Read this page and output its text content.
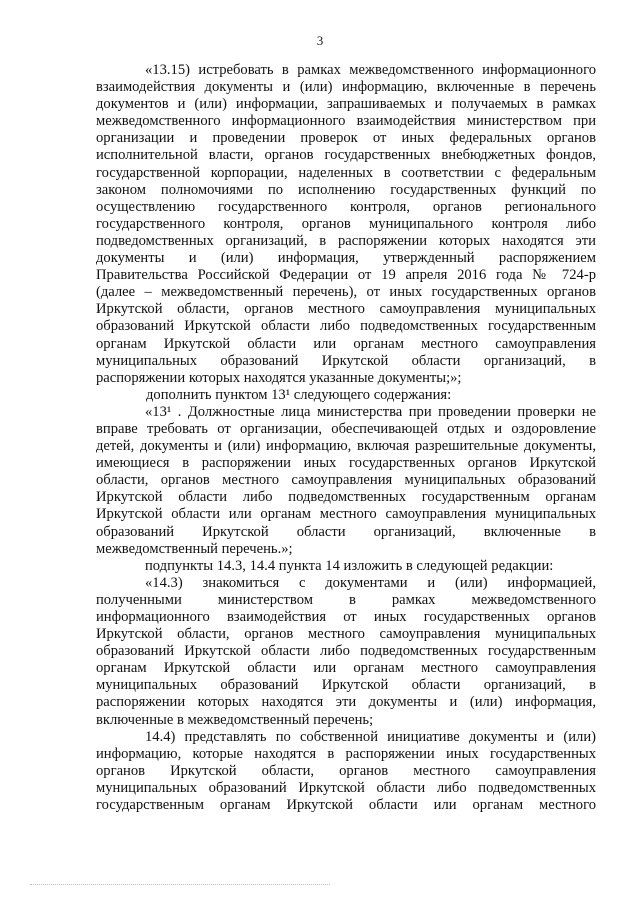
3
«13.15) истребовать в рамках межведомственного информационного
взаимодействия документы и (или) информацию, включенные в перечень
документов и (или) информации, запрашиваемых и получаемых в рамках
межведомственного информационного взаимодействия министерством при
организации и проведении проверок от иных федеральных органов
исполнительной власти, органов государственных внебюджетных фондов,
государственной корпорации, наделенных в соответствии с федеральным
законом полномочиями по исполнению государственных функций по
осуществлению государственного контроля, органов регионального
государственного контроля, органов муниципального контроля либо
подведомственных организаций, в распоряжении которых находятся эти
документы и (или) информация, утвержденный распоряжением
Правительства Российской Федерации от 19 апреля 2016 года № 724-р
(далее – межведомственный перечень), от иных государственных органов
Иркутской области, органов местного самоуправления муниципальных
образований Иркутской области либо подведомственных государственным
органам Иркутской области или органам местного самоуправления
муниципальных образований Иркутской области организаций, в
распоряжении которых находятся указанные документы;»;
дополнить пунктом 13¹ следующего содержания:
«13¹ . Должностные лица министерства при проведении проверки не
вправе требовать от организации, обеспечивающей отдых и оздоровление
детей, документы и (или) информацию, включая разрешительные документы,
имеющиеся в распоряжении иных государственных органов Иркутской
области, органов местного самоуправления муниципальных образований
Иркутской области либо подведомственных государственным органам
Иркутской области или органам местного самоуправления муниципальных
образований Иркутской области организаций, включенные в
межведомственный перечень.»;
подпункты 14.3, 14.4 пункта 14 изложить в следующей редакции:
«14.3) знакомиться с документами и (или) информацией,
полученными министерством в рамках межведомственного
информационного взаимодействия от иных государственных органов
Иркутской области, органов местного самоуправления муниципальных
образований Иркутской области либо подведомственных государственным
органам Иркутской области или органам местного самоуправления
муниципальных образований Иркутской области организаций, в
распоряжении которых находятся эти документы и (или) информация,
включенные в межведомственный перечень;
14.4) представлять по собственной инициативе документы и (или)
информацию, которые находятся в распоряжении иных государственных
органов Иркутской области, органов местного самоуправления
муниципальных образований Иркутской области либо подведомственных
государственным органам Иркутской области или органам местного
